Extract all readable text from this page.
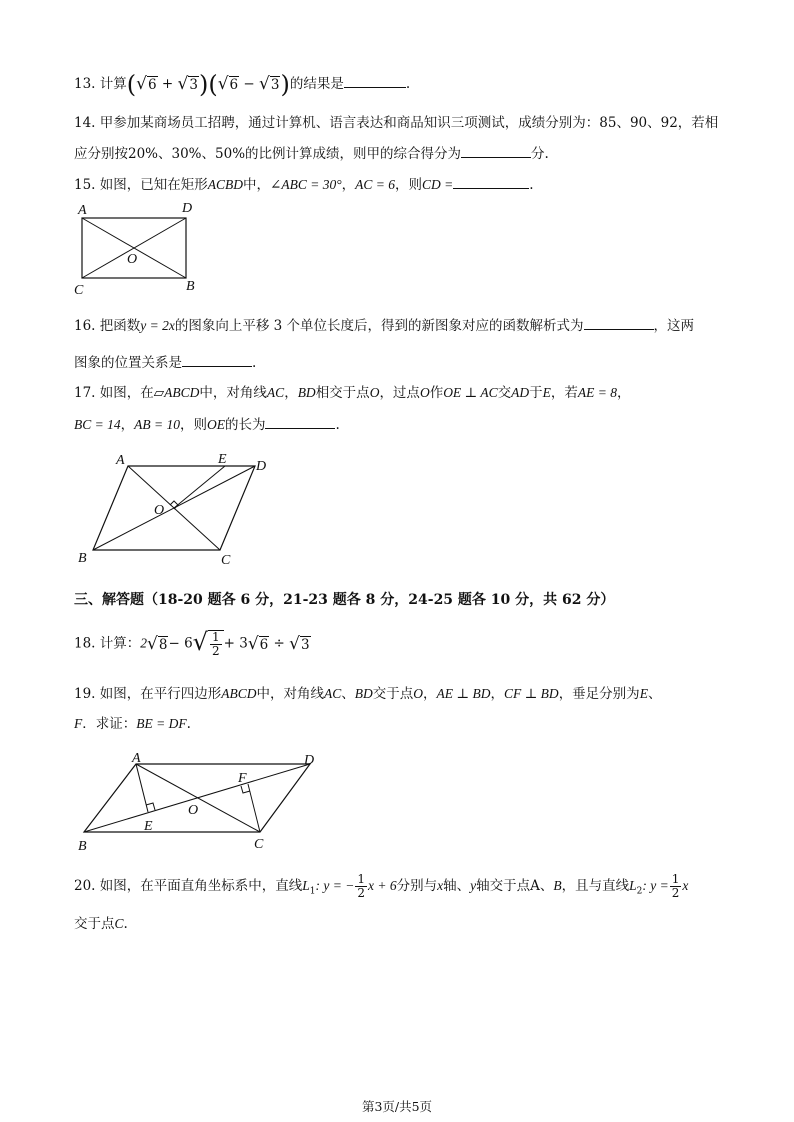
13. 计算( √ 6 + √ 3 )( √ 6 − √ 3 )的结果是	.
14. 甲参加某商场员工招聘，通过计算机、语言表达和商品知识三项测试，成绩分别为：85、90、92，若相
应分别按20%、30%、50%的比例计算成绩，则甲的综合得分为	分.
15. 如图，已知在矩形ACBD中，∠ABC = 30°，AC = 6，则CD =	.
A	D
O
C	B
16. 把函数y = 2x的图象向上平移 3 个单位长度后，得到的新图象对应的函数解析式为	，这两
图象的位置关系是	.
17. 如图，在▱ABCD中，对角线AC，BD相交于点O，过点O作OE ⊥ AC交AD于E，若AE = 8，
BC = 14，AB = 10，则OE的长为	.
A	E D
O
B	C
三、解答题（18-20 题各 6 分，21-23 题各 8 分，24-25 题各 10 分，共 62 分）
18. 计算：2 √ 8 − 6 √ $\frac{1}{2} + 3$ √ 6 ÷ √ 3
19. 如图，在平行四边形ABCD中，对角线AC、BD交于点O，AE ⊥ BD，CF ⊥ BD，垂足分别为E、
F．求证：BE = DF.
A	D
F
O
E
B	C
20. 如图，在平面直角坐标系中，直线$L_1$: y = − $\frac{1}{2}$ x + 6分别与x轴、y轴交于点A、B，且与直线$L_2$: $y = \frac{1}{2}$ x
交于点C.
第3页/共5页
